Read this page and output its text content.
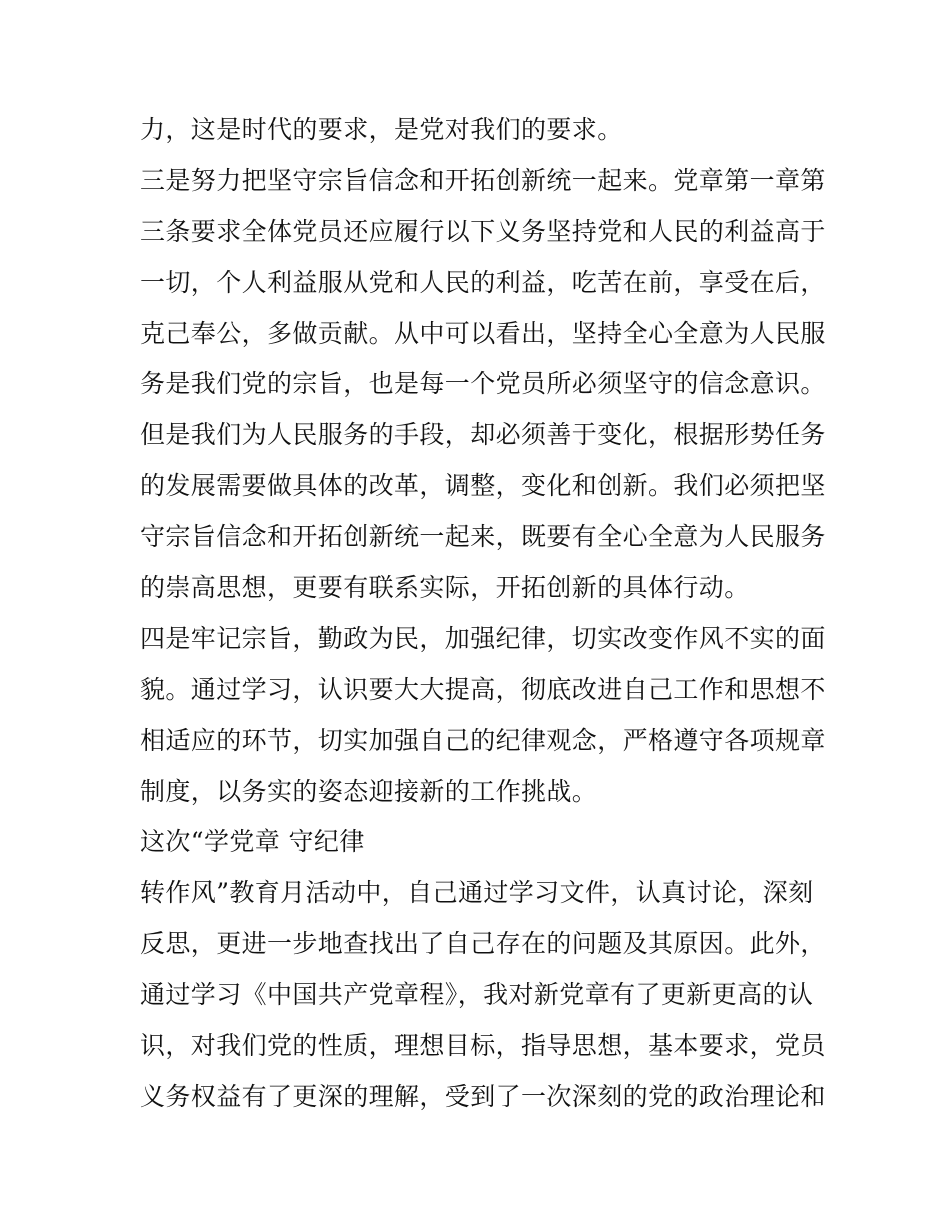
力，这是时代的要求，是党对我们的要求。
三是努力把坚守宗旨信念和开拓创新统一起来。党章第一章第
三条要求全体党员还应履行以下义务坚持党和人民的利益高于
一切，个人利益服从党和人民的利益，吃苦在前，享受在后，
克己奉公，多做贡献。从中可以看出，坚持全心全意为人民服
务是我们党的宗旨，也是每一个党员所必须坚守的信念意识。
但是我们为人民服务的手段，却必须善于变化，根据形势任务
的发展需要做具体的改革，调整，变化和创新。我们必须把坚
守宗旨信念和开拓创新统一起来，既要有全心全意为人民服务
的崇高思想，更要有联系实际，开拓创新的具体行动。
四是牢记宗旨，勤政为民，加强纪律，切实改变作风不实的面
貌。通过学习，认识要大大提高，彻底改进自己工作和思想不
相适应的环节，切实加强自己的纪律观念，严格遵守各项规章
制度，以务实的姿态迎接新的工作挑战。
这次“学党章 守纪律
转作风”教育月活动中，自己通过学习文件，认真讨论，深刻
反思，更进一步地查找出了自己存在的问题及其原因。此外，
通过学习《中国共产党章程》，我对新党章有了更新更高的认
识，对我们党的性质，理想目标，指导思想，基本要求，党员
义务权益有了更深的理解，受到了一次深刻的党的政治理论和
